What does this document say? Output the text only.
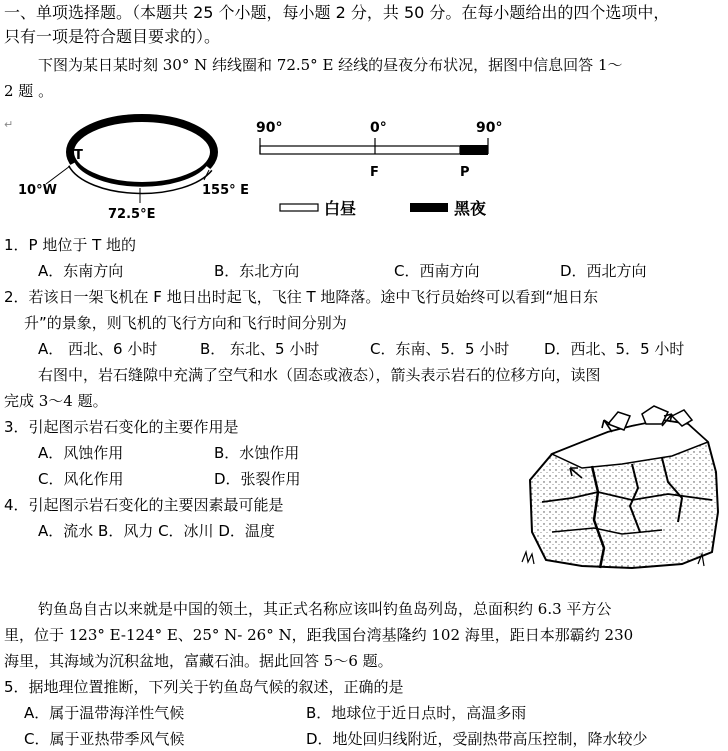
一、单项选择题。（本题共 25 个小题，每小题 2 分，共 50 分。在每小题给出的四个选项中，
只有一项是符合题目要求的）。
下图为某日某时刻 30° N 纬线圈和 72.5° E 经线的昼夜分布状况，据图中信息回答 1～
2 题 。
↵
T
10°W	155° E
72.5°E
90°	0°	90°
F	P
白昼	黑夜
1．P 地位于 T 地的
A．东南方向	B．东北方向	C．西南方向	D．西北方向
2．若该日一架飞机在 F 地日出时起飞，飞往 T 地降落。途中飞行员始终可以看到“旭日东
升”的景象，则飞机的飞行方向和飞行时间分别为
A． 西北、6 小时	B． 东北、5 小时	C．东南、5．5 小时 D．西北、5．5 小时
右图中，岩石缝隙中充满了空气和水（固态或液态），箭头表示岩石的位移方向，读图
完成 3～4 题。
3．引起图示岩石变化的主要作用是
A．风蚀作用	B．水蚀作用
C．风化作用	D．张裂作用
4．引起图示岩石变化的主要因素最可能是
A．流水 B．风力 C．冰川 D．温度
钓鱼岛自古以来就是中国的领土，其正式名称应该叫钓鱼岛列岛，总面积约 6.3 平方公
里，位于 123° E-124° E、25° N- 26° N，距我国台湾基隆约 102 海里，距日本那霸约 230
海里，其海域为沉积盆地，富藏石油。据此回答 5～6 题。
5．据地理位置推断，下列关于钓鱼岛气候的叙述，正确的是
A．属于温带海洋性气候	B．地球位于近日点时，高温多雨
C．属于亚热带季风气候	D．地处回归线附近，受副热带高压控制，降水较少
